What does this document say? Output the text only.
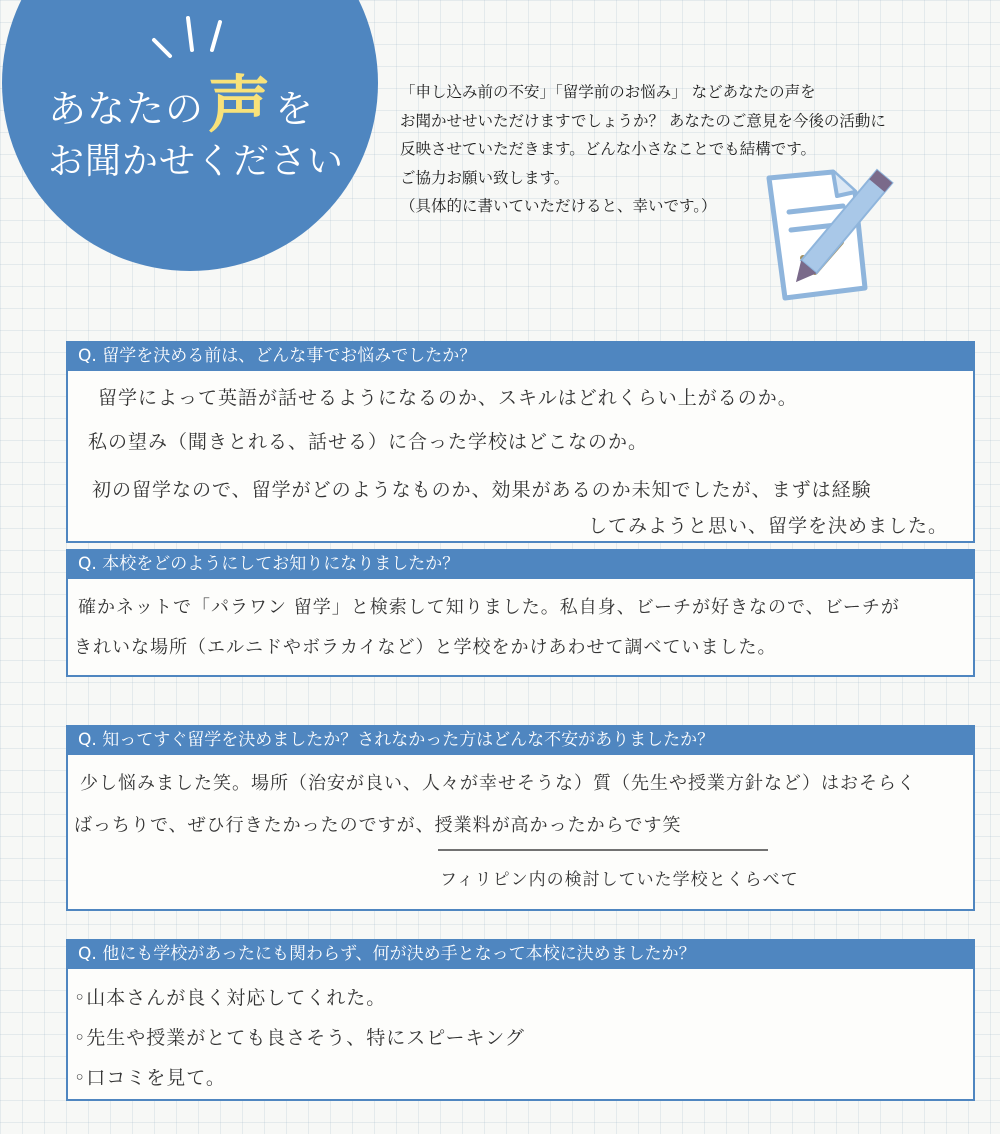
あなたの声 を
お聞かせください
「申し込み前の不安」「留学前のお悩み」 などあなたの声を
お聞かせせいただけますでしょうか？ あなたのご意見を今後の活動に
反映させていただきます。どんな小さなことでも結構です。
ご協力お願い致します。
（具体的に書いていただけると、幸いです。）
Q. 留学を決める前は、どんな事でお悩みでしたか？
留学によって英語が話せるようになるのか、スキルはどれくらい上がるのか。
私の望み（聞きとれる、話せる）に合った学校はどこなのか。
初の留学なので、留学がどのようなものか、効果があるのか未知でしたが、まずは経験
してみようと思い、留学を決めました。
Q. 本校をどのようにしてお知りになりましたか？
確かネットで「パラワン 留学」と検索して知りました。私自身、ビーチが好きなので、ビーチが
きれいな場所（エルニドやボラカイなど）と学校をかけあわせて調べていました。
Q. 知ってすぐ留学を決めましたか？されなかった方はどんな不安がありましたか？
少し悩みました笑。場所（治安が良い、人々が幸せそうな）質（先生や授業方針など）はおそらく
ばっちりで、ぜひ行きたかったのですが、授業料が高かったからです笑
フィリピン内の検討していた学校とくらべて
Q. 他にも学校があったにも関わらず、何が決め手となって本校に決めましたか？
◦山本さんが良く対応してくれた。
◦先生や授業がとても良さそう、特にスピーキング
◦口コミを見て。
